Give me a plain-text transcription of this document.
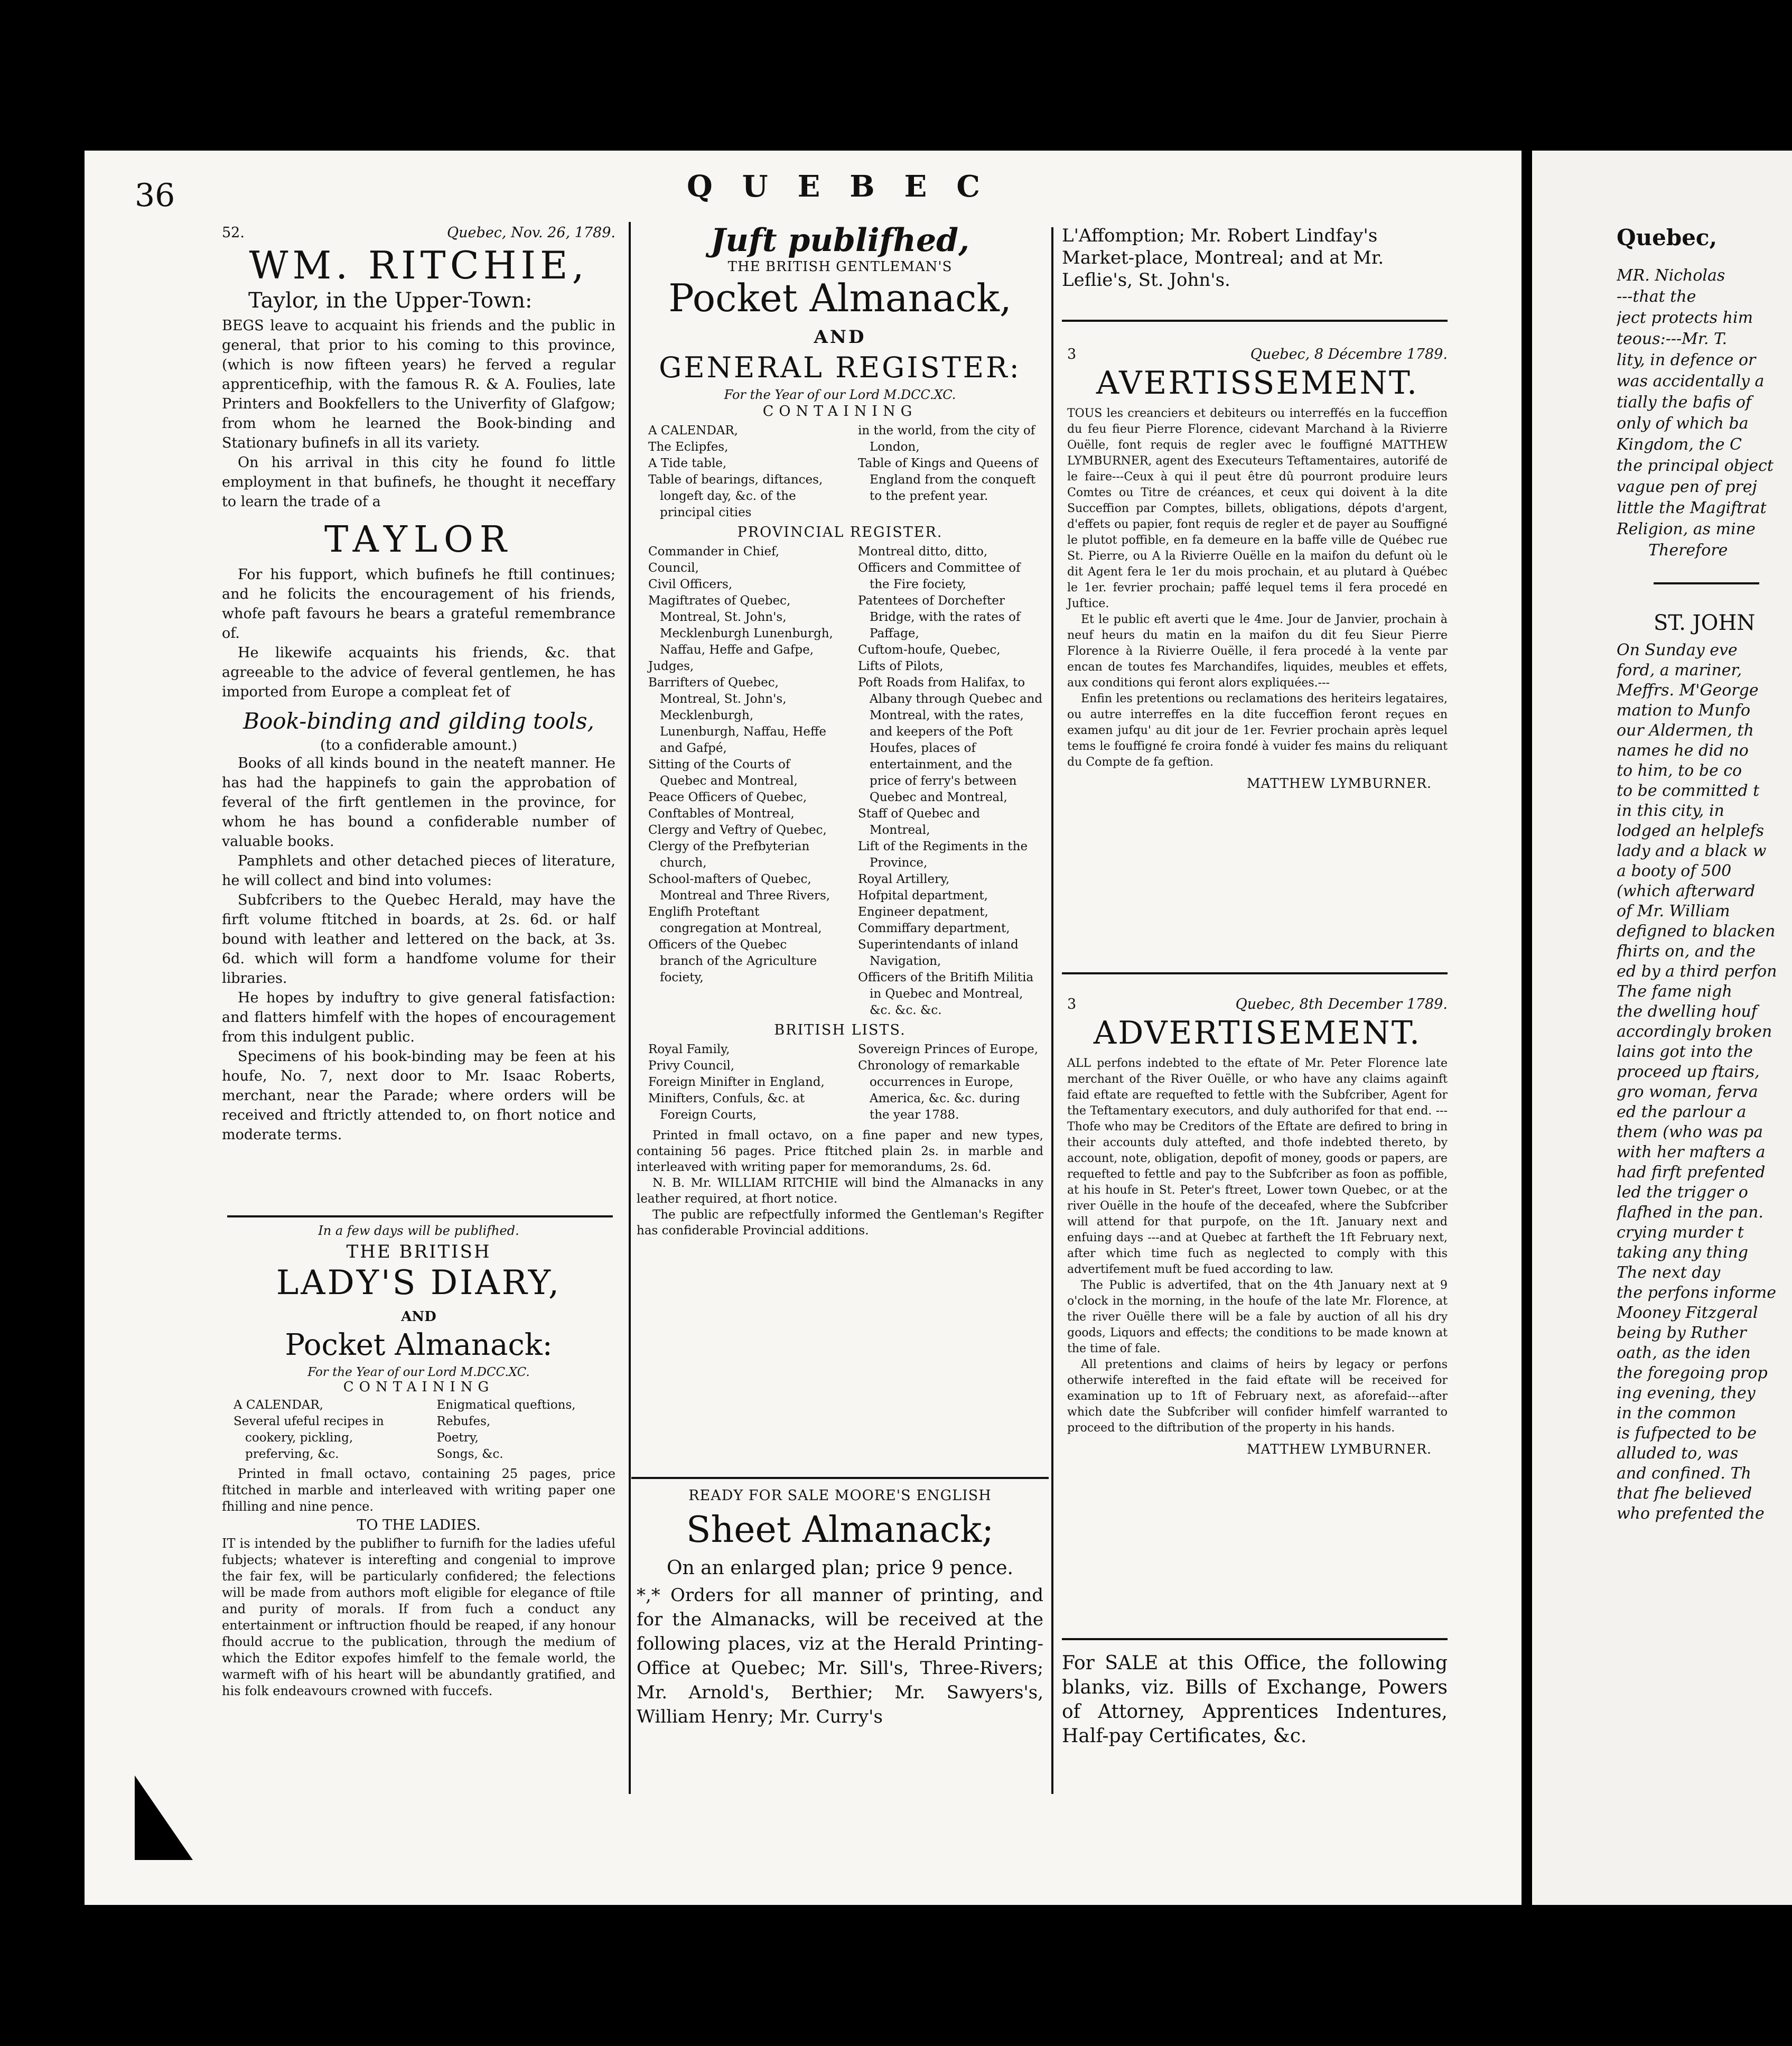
36	QUEBEC
52.	Quebec, Nov. 26, 1789.
WM. RITCHIE,
Taylor, in the Upper-Town:

BEGS leave to acquaint his friends and the public in general, that prior to his coming to this province, (which is now fifteen years) he ferved a regular apprenticefhip, with the famous R. & A. Foulies, late Printers and Bookfellers to the Univerfity of Glafgow; from whom he learned the Book-binding and Stationary bufinefs in all its variety.

On his arrival in this city he found fo little employment in that bufinefs, he thought it neceffary to learn the trade of a

TAYLOR

For his fupport, which bufinefs he ftill continues; and he folicits the encouragement of his friends, whofe paft favours he bears a grateful remembrance of.

He likewife acquaints his friends, &c. that agreeable to the advice of feveral gentlemen, he has imported from Europe a compleat fet of

Book-binding and gilding tools,
(to a confiderable amount.)

Books of all kinds bound in the neateft manner. He has had the happinefs to gain the approbation of feveral of the firft gentlemen in the province, for whom he has bound a confiderable number of valuable books.

Pamphlets and other detached pieces of literature, he will collect and bind into volumes:

Subfcribers to the Quebec Herald, may have the firft volume ftitched in boards, at 2s. 6d. or half bound with leather and lettered on the back, at 3s. 6d. which will form a handfome volume for their libraries.

He hopes by induftry to give general fatisfaction: and flatters himfelf with the hopes of encouragement from this indulgent public.

Specimens of his book-binding may be feen at his houfe, No. 7, next door to Mr. Isaac Roberts, merchant, near the Parade; where orders will be received and ftrictly attended to, on fhort notice and moderate terms.

In a few days will be publifhed.
THE BRITISH
LADY'S DIARY,
AND
Pocket Almanack:
For the Year of our Lord M.DCC.XC.
CONTAINING
A CALENDAR,
Several ufeful recipes in cookery, pickling, preferving, &c.
Enigmatical queftions,
Rebufes,
Poetry,
Songs, &c.
Printed in fmall octavo, containing 25 pages, price ftitched in marble and interleaved with writing paper one fhilling and nine pence.
TO THE LADIES.
IT is intended by the publifher to furnifh for the ladies ufeful fubjects; whatever is interefting and congenial to improve the fair fex, will be particularly confidered; the felections will be made from authors moft eligible for elegance of ftile and purity of morals. If from fuch a conduct any entertainment or inftruction fhould be reaped, if any honour fhould accrue to the publication, through the medium of which the Editor expofes himfelf to the female world, the warmeft wifh of his heart will be abundantly gratified, and his folk endeavours crowned with fuccefs.
Juft publifhed,
THE BRITISH GENTLEMAN'S
Pocket Almanack,
AND
GENERAL REGISTER:
For the Year of our Lord M.DCC.XC.
CONTAINING
A CALENDAR,
The Eclipfes,
A Tide table,
Table of bearings, diftances, longeft day, &c. of the principal cities
in the world, from the city of London,
Table of Kings and Queens of England from the conqueft to the prefent year.
PROVINCIAL REGISTER.
Commander in Chief,
Council,
Civil Officers,
Magiftrates of Quebec, Montreal, St. John's, Mecklenburgh Lunenburgh, Naffau, Heffe and Gafpe,
Judges,
Barrifters of Quebec, Montreal, St. John's, Mecklenburgh, Lunenburgh, Naffau, Heffe and Gafpé,
Sitting of the Courts of Quebec and Montreal,
Peace Officers of Quebec,
Conftables of Montreal,
Clergy and Veftry of Quebec,
Clergy of the Prefbyterian church,
School-mafters of Quebec, Montreal and Three Rivers,
Englifh Proteftant congregation at Montreal,
Officers of the Quebec branch of the Agriculture fociety,
Montreal ditto, ditto,
Officers and Committee of the Fire fociety,
Patentees of Dorchefter Bridge, with the rates of Paffage,
Cuftom-houfe, Quebec,
Lifts of Pilots,
Poft Roads from Halifax, to Albany through Quebec and Montreal, with the rates, and keepers of the Poft Houfes, places of entertainment, and the price of ferry's between Quebec and Montreal,
Staff of Quebec and Montreal,
Lift of the Regiments in the Province,
Royal Artillery,
Hofpital department,
Engineer depatment,
Commiffary department,
Superintendants of inland Navigation,
Officers of the Britifh Militia in Quebec and Montreal, &c. &c. &c.
BRITISH LISTS.
Royal Family,
Privy Council,
Foreign Minifter in England,
Minifters, Confuls, &c. at Foreign Courts,
Sovereign Princes of Europe,
Chronology of remarkable occurrences in Europe, America, &c. &c. during the year 1788.
Printed in fmall octavo, on a fine paper and new types, containing 56 pages. Price ftitched plain 2s. in marble and interleaved with writing paper for memorandums, 2s. 6d.
N. B. Mr. WILLIAM RITCHIE will bind the Almanacks in any leather required, at fhort notice.
The public are refpectfully informed the Gentleman's Regifter has confiderable Provincial additions.
READY FOR SALE MOORE'S ENGLISH
Sheet Almanack;
On an enlarged plan; price 9 pence.
*,* Orders for all manner of printing, and for the Almanacks, will be received at the following places, viz at the Herald Printing-Office at Quebec; Mr. Sill's, Three-Rivers; Mr. Arnold's, Berthier; Mr. Sawyers's, William Henry; Mr. Curry's
L'Affomption; Mr. Robert Lindfay's Market-place, Montreal; and at Mr. Leflie's, St. John's.
3	Quebec, 8 Décembre 1789.
AVERTISSEMENT.
TOUS les creanciers et debiteurs ou interreffés en la fucceffion du feu fieur Pierre Florence, cidevant Marchand à la Rivierre Ouëlle, font requis de regler avec le fouffigné MATTHEW LYMBURNER, agent des Executeurs Teftamentaires, autorifé de le faire---Ceux à qui il peut être dû pourront produire leurs Comtes ou Titre de créances, et ceux qui doivent à la dite Succeffion par Comptes, billets, obligations, dépots d'argent, d'effets ou papier, font requis de regler et de payer au Souffigné le plutot poffible, en fa demeure en la baffe ville de Québec rue St. Pierre, ou A la Rivierre Ouëlle en la maifon du defunt où le dit Agent fera le 1er du mois prochain, et au plutard à Québec le 1er. fevrier prochain; paffé lequel tems il fera procedé en Juftice.
Et le public eft averti que le 4me. Jour de Janvier, prochain à neuf heurs du matin en la maifon du dit feu Sieur Pierre Florence à la Rivierre Ouëlle, il fera procedé à la vente par encan de toutes fes Marchandifes, liquides, meubles et effets, aux conditions qui feront alors expliquées.---
Enfin les pretentions ou reclamations des heriteirs legataires, ou autre interreffes en la dite fucceffion feront reçues en examen jufqu' au dit jour de 1er. Fevrier prochain après lequel tems le fouffigné fe croira fondé à vuider fes mains du reliquant du Compte de fa geftion.
MATTHEW LYMBURNER.
3	Quebec, 8th December 1789.
ADVERTISEMENT.
ALL perfons indebted to the eftate of Mr. Peter Florence late merchant of the River Ouëlle, or who have any claims againft faid eftate are requefted to fettle with the Subfcriber, Agent for the Teftamentary executors, and duly authorifed for that end. ---Thofe who may be Creditors of the Eftate are defired to bring in their accounts duly attefted, and thofe indebted thereto, by account, note, obligation, depofit of money, goods or papers, are requefted to fettle and pay to the Subfcriber as foon as poffible, at his houfe in St. Peter's ftreet, Lower town Quebec, or at the river Ouëlle in the houfe of the deceafed, where the Subfcriber will attend for that purpofe, on the 1ft. January next and enfuing days ---and at Quebec at fartheft the 1ft February next, after which time fuch as neglected to comply with this advertifement muft be fued according to law.
The Public is advertifed, that on the 4th January next at 9 o'clock in the morning, in the houfe of the late Mr. Florence, at the river Ouëlle there will be a fale by auction of all his dry goods, Liquors and effects; the conditions to be made known at the time of fale.
All pretentions and claims of heirs by legacy or perfons otherwife interefted in the faid eftate will be received for examination up to 1ft of February next, as aforefaid---after which date the Subfcriber will confider himfelf warranted to proceed to the diftribution of the property in his hands.
MATTHEW LYMBURNER.
For SALE at this Office, the following blanks, viz. Bills of Exchange, Powers of Attorney, Apprentices Indentures, Half-pay Certificates, &c.
Quebec,
MR. Nicholas
---that the
ject protects him
teous:---Mr. T.
lity, in defence or
was accidentally a
tially the bafis of
only of which ba
Kingdom, the C
the principal object
vague pen of prej
little the Magiftrat
Religion, as mine
Therefore
ST. JOHN
On Sunday eve
ford, a mariner,
Meffrs. M'George
mation to Munfo
our Aldermen, th
names he did no
to him, to be co
to be committed t
in this city, in
lodged an helplefs
lady and a black w
a booty of 500
(which afterward
of Mr. William
defigned to blacken
fhirts on, and the
ed by a third perfon
The fame nigh
the dwelling houf
accordingly broken
lains got into the
proceed up ftairs,
gro woman, ferva
ed the parlour a
them (who was pa
with her mafters a
had firft prefented
led the trigger o
flafhed in the pan.
crying murder t
taking any thing
The next day
the perfons informe
Mooney Fitzgeral
being by Ruther
oath, as the iden
the foregoing prop
ing evening, they
in the common
is fufpected to be
alluded to, was
and confined. Th
that fhe believed
who prefented the
